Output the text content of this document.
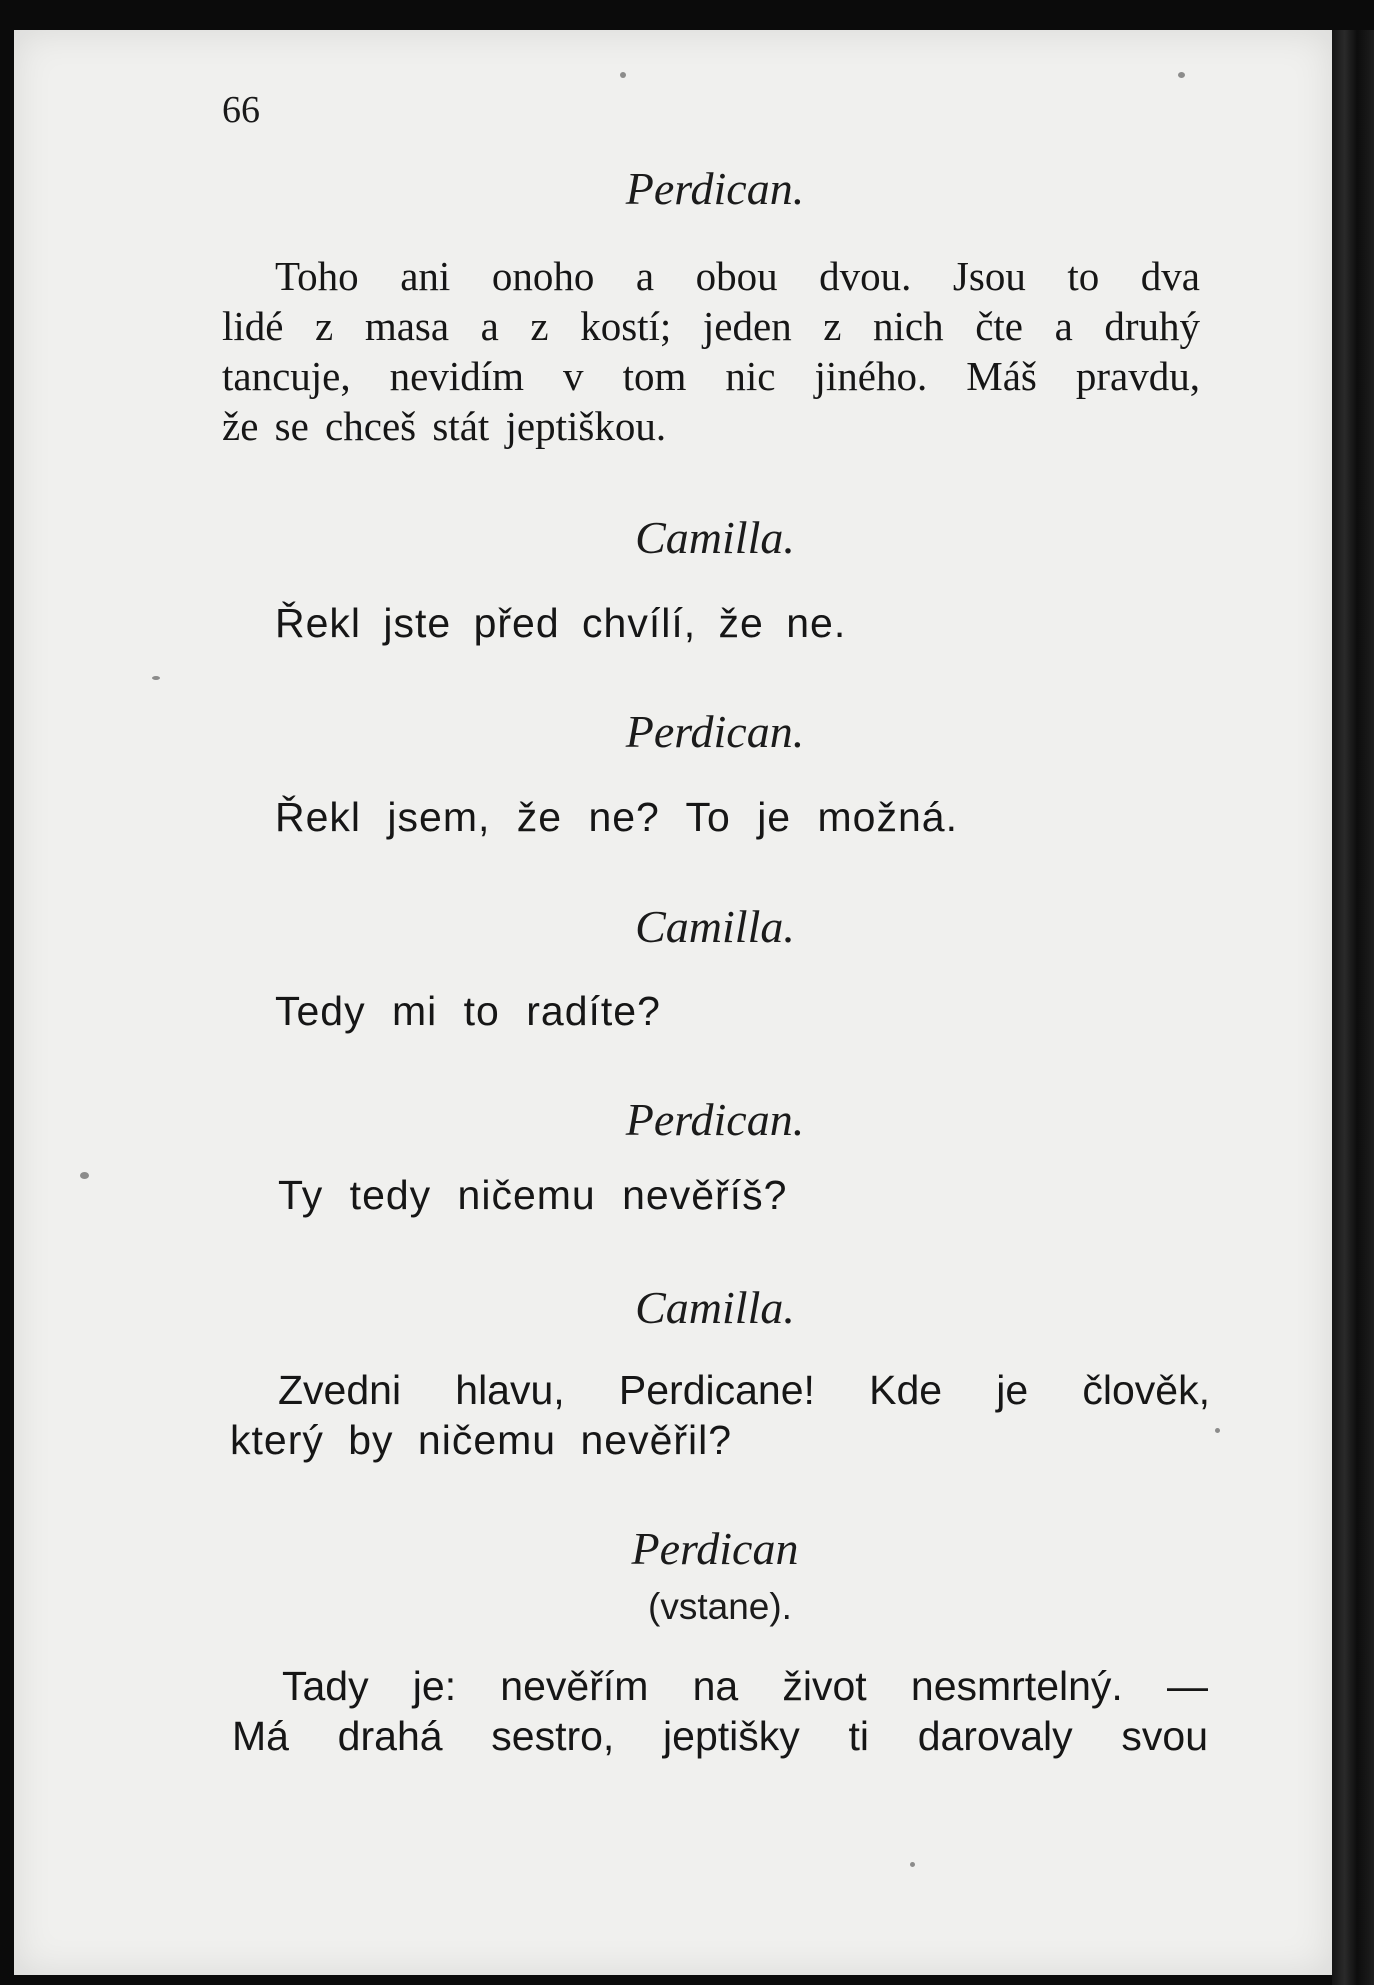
66
Perdican.
Toho ani onoho a obou dvou. Jsou to dva
lidé z masa a z kostí; jeden z nich čte a druhý
tancuje, nevidím v tom nic jiného. Máš pravdu,
že se chceš stát jeptiškou.
Camilla.
Řekl jste před chvílí, že ne.
Perdican.
Řekl jsem, že ne? To je možná.
Camilla.
Tedy mi to radíte?
Perdican.
Ty tedy ničemu nevěříš?
Camilla.
Zvedni hlavu, Perdicane! Kde je člověk,
který by ničemu nevěřil?
Perdican
(vstane).
Tady je: nevěřím na život nesmrtelný. —
Má drahá sestro, jeptišky ti darovaly svou
